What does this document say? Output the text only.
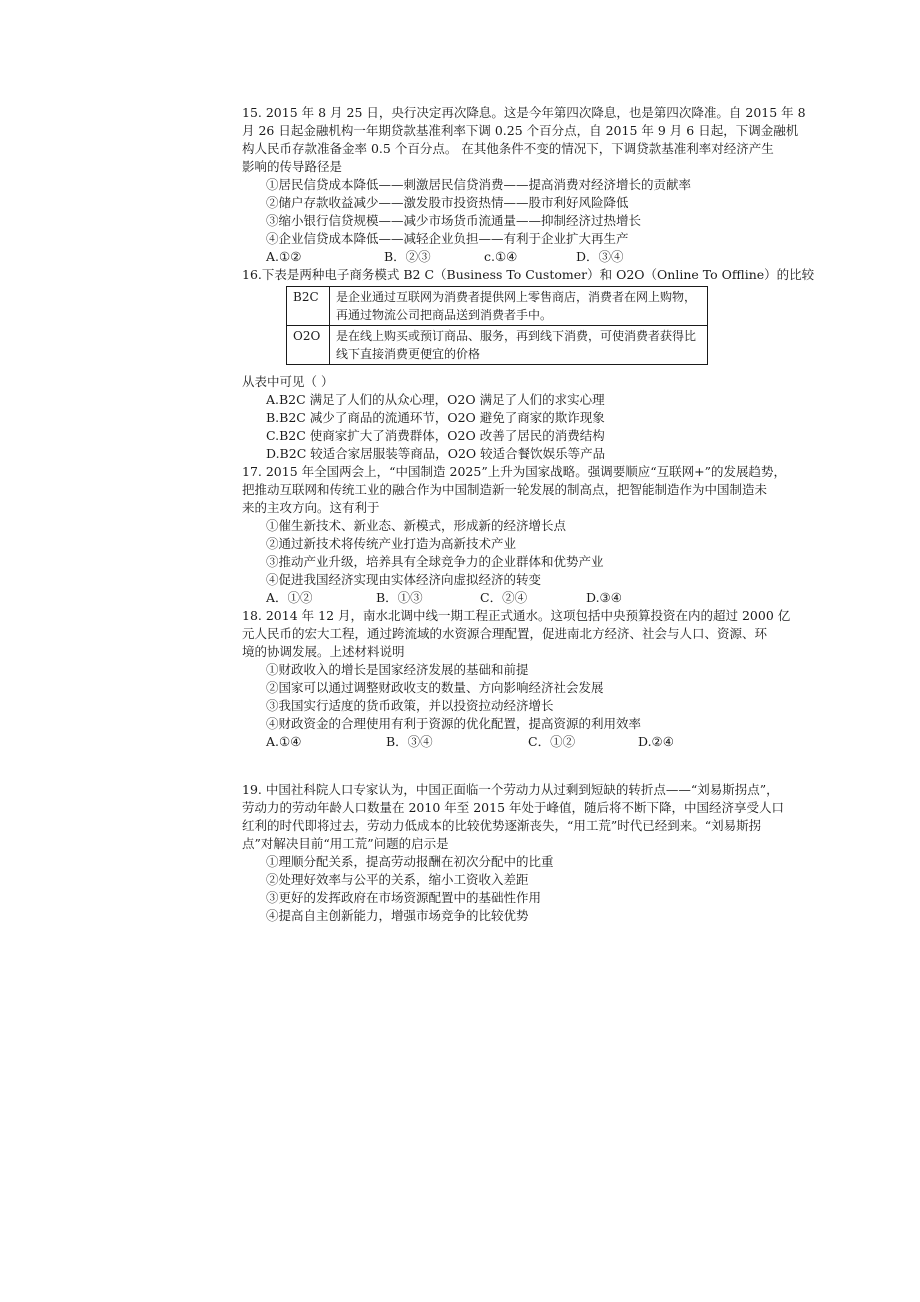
15. 2015 年 8 月 25 日，央行决定再次降息。这是今年第四次降息，也是第四次降准。自 2015 年 8
月 26 日起金融机构一年期贷款基准利率下调 0.25 个百分点，自 2015 年 9 月 6 日起，下调金融机
构人民币存款准备金率 0.5 个百分点。 在其他条件不变的情况下，下调贷款基准利率对经济产生
影响的传导路径是
①居民信贷成本降低——刺激居民信贷消费——提高消费对经济增长的贡献率
②储户存款收益减少——激发股市投资热情——股市利好风险降低
③缩小银行信贷规模——减少市场货币流通量——抑制经济过热增长
④企业信贷成本降低——减轻企业负担——有利于企业扩大再生产
A.①②	B．②③	c.①④	D．③④
16.下表是两种电子商务模式 B2 C（Business To Customer）和 O2O（Online To Offline）的比较
B2C	是企业通过互联网为消费者提供网上零售商店，消费者在网上购物，
再通过物流公司把商品送到消费者手中。

O2O	是在线上购买或预订商品、服务，再到线下消费，可使消费者获得比
线下直接消费更便宜的价格
从表中可见（ ）
A.B2C 满足了人们的从众心理，O2O 满足了人们的求实心理
B.B2C 减少了商品的流通环节，O2O 避免了商家的欺诈现象
C.B2C 使商家扩大了消费群体，O2O 改善了居民的消费结构
D.B2C 较适合家居服装等商品，O2O 较适合餐饮娱乐等产品
17. 2015 年全国两会上，“中国制造 2025”上升为国家战略。强调要顺应“互联网+”的发展趋势，
把推动互联网和传统工业的融合作为中国制造新一轮发展的制高点，把智能制造作为中国制造未
来的主攻方向。这有利于
①催生新技术、新业态、新模式，形成新的经济增长点
②通过新技术将传统产业打造为高新技术产业
③推动产业升级，培养具有全球竞争力的企业群体和优势产业
④促进我国经济实现由实体经济向虚拟经济的转变
A．①②	B．①③	C．②④	D.③④
18. 2014 年 12 月，南水北调中线一期工程正式通水。这项包括中央预算投资在内的超过 2000 亿
元人民币的宏大工程，通过跨流域的水资源合理配置，促进南北方经济、社会与人口、资源、环
境的协调发展。上述材料说明
①财政收入的增长是国家经济发展的基础和前提
②国家可以通过调整财政收支的数量、方向影响经济社会发展
③我国实行适度的货币政策，并以投资拉动经济增长
④财政资金的合理使用有利于资源的优化配置，提高资源的利用效率
A.①④	B．③④	C．①②	D.②④
19. 中国社科院人口专家认为，中国正面临一个劳动力从过剩到短缺的转折点——“刘易斯拐点”，
劳动力的劳动年龄人口数量在 2010 年至 2015 年处于峰值，随后将不断下降，中国经济享受人口
红利的时代即将过去，劳动力低成本的比较优势逐渐丧失，“用工荒”时代已经到来。“刘易斯拐
点”对解决目前“用工荒”问题的启示是
①理顺分配关系，提高劳动报酬在初次分配中的比重
②处理好效率与公平的关系，缩小工资收入差距
③更好的发挥政府在市场资源配置中的基础性作用
④提高自主创新能力，增强市场竞争的比较优势
